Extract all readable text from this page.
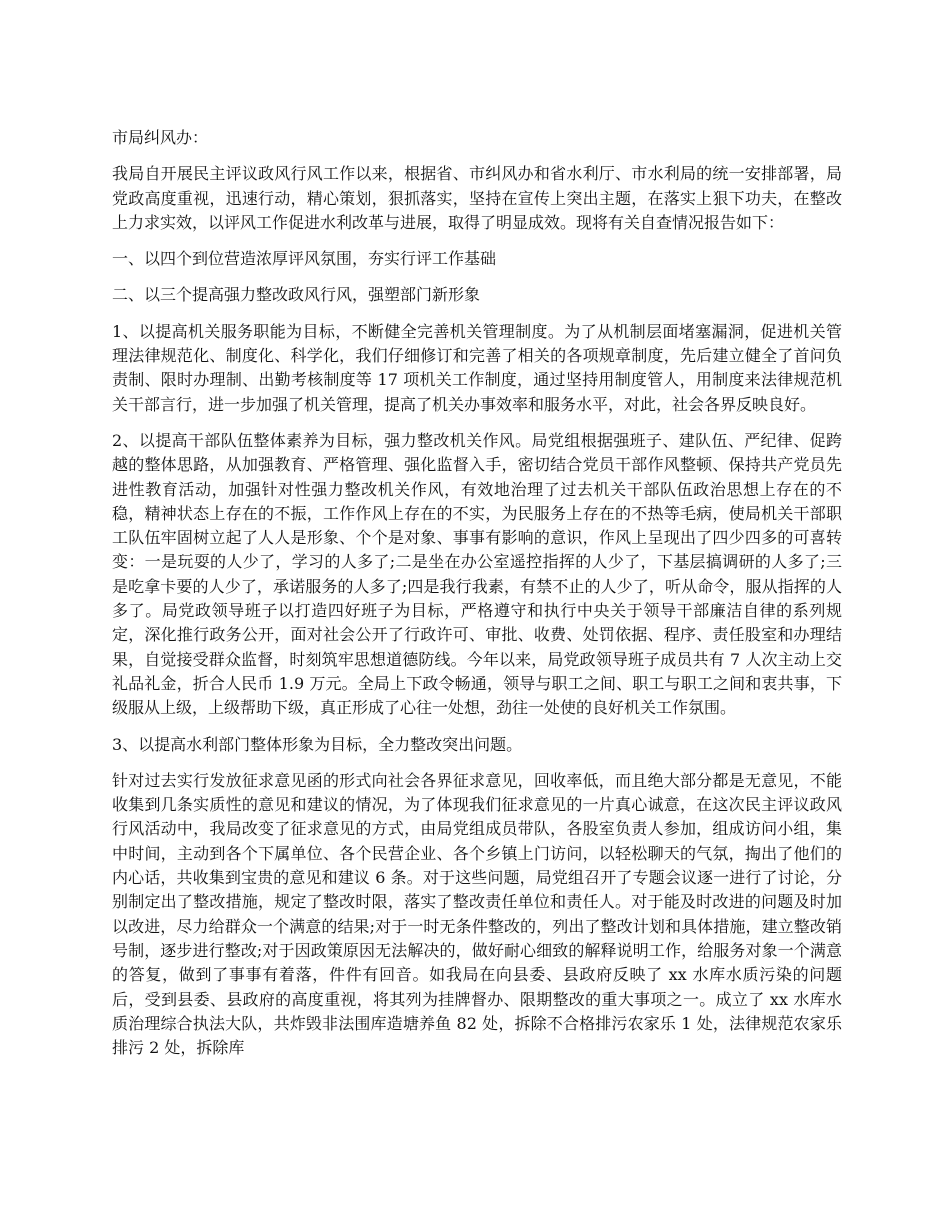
市局纠风办：

我局自开展民主评议政风行风工作以来，根据省、市纠风办和省水利厅、市水利局的统一安排部署，局党政高度重视，迅速行动，精心策划，狠抓落实，坚持在宣传上突出主题，在落实上狠下功夫，在整改上力求实效，以评风工作促进水利改革与进展，取得了明显成效。现将有关自查情况报告如下：

一、以四个到位营造浓厚评风氛围，夯实行评工作基础

二、以三个提高强力整改政风行风，强塑部门新形象

1、以提高机关服务职能为目标，不断健全完善机关管理制度。为了从机制层面堵塞漏洞，促进机关管理法律规范化、制度化、科学化，我们仔细修订和完善了相关的各项规章制度，先后建立健全了首问负责制、限时办理制、出勤考核制度等 17 项机关工作制度，通过坚持用制度管人，用制度来法律规范机关干部言行，进一步加强了机关管理，提高了机关办事效率和服务水平，对此，社会各界反映良好。

2、以提高干部队伍整体素养为目标，强力整改机关作风。局党组根据强班子、建队伍、严纪律、促跨越的整体思路，从加强教育、严格管理、强化监督入手，密切结合党员干部作风整顿、保持共产党员先进性教育活动，加强针对性强力整改机关作风，有效地治理了过去机关干部队伍政治思想上存在的不稳，精神状态上存在的不振，工作作风上存在的不实，为民服务上存在的不热等毛病，使局机关干部职工队伍牢固树立起了人人是形象、个个是对象、事事有影响的意识，作风上呈现出了四少四多的可喜转变：一是玩耍的人少了，学习的人多了;二是坐在办公室遥控指挥的人少了，下基层搞调研的人多了;三是吃拿卡要的人少了，承诺服务的人多了;四是我行我素，有禁不止的人少了，听从命令，服从指挥的人多了。局党政领导班子以打造四好班子为目标，严格遵守和执行中央关于领导干部廉洁自律的系列规定，深化推行政务公开，面对社会公开了行政许可、审批、收费、处罚依据、程序、责任股室和办理结果，自觉接受群众监督，时刻筑牢思想道德防线。今年以来，局党政领导班子成员共有 7 人次主动上交礼品礼金，折合人民币 1.9 万元。全局上下政令畅通，领导与职工之间、职工与职工之间和衷共事，下级服从上级，上级帮助下级，真正形成了心往一处想，劲往一处使的良好机关工作氛围。

3、以提高水利部门整体形象为目标，全力整改突出问题。

针对过去实行发放征求意见函的形式向社会各界征求意见，回收率低，而且绝大部分都是无意见，不能收集到几条实质性的意见和建议的情况，为了体现我们征求意见的一片真心诚意，在这次民主评议政风行风活动中，我局改变了征求意见的方式，由局党组成员带队，各股室负责人参加，组成访问小组，集中时间，主动到各个下属单位、各个民营企业、各个乡镇上门访问，以轻松聊天的气氛，掏出了他们的内心话，共收集到宝贵的意见和建议 6 条。对于这些问题，局党组召开了专题会议逐一进行了讨论，分别制定出了整改措施，规定了整改时限，落实了整改责任单位和责任人。对于能及时改进的问题及时加以改进，尽力给群众一个满意的结果;对于一时无条件整改的，列出了整改计划和具体措施，建立整改销号制，逐步进行整改;对于因政策原因无法解决的，做好耐心细致的解释说明工作，给服务对象一个满意的答复，做到了事事有着落，件件有回音。如我局在向县委、县政府反映了 xx 水库水质污染的问题后，受到县委、县政府的高度重视，将其列为挂牌督办、限期整改的重大事项之一。成立了 xx 水库水质治理综合执法大队，共炸毁非法围库造塘养鱼 82 处，拆除不合格排污农家乐 1 处，法律规范农家乐排污 2 处，拆除库
